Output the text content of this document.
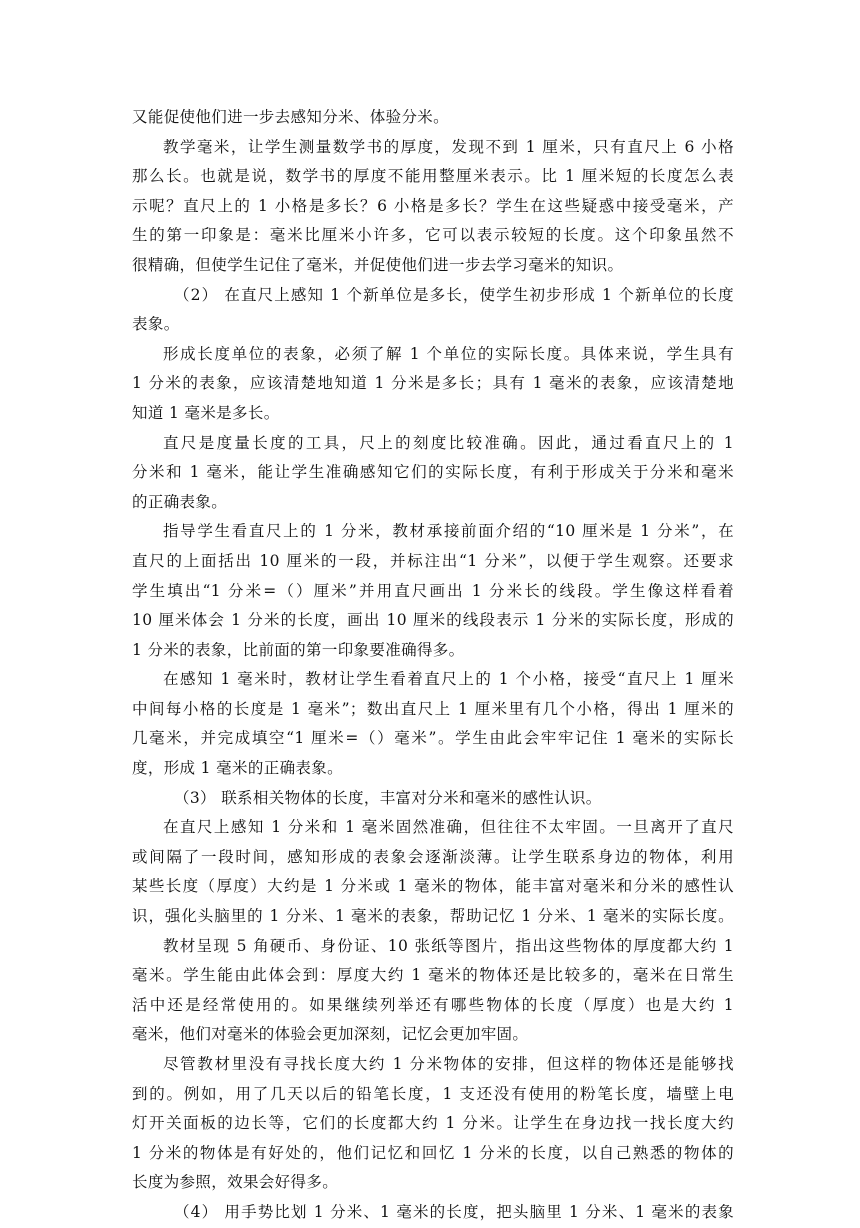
又能促使他们进一步去感知分米、体验分米。
教学毫米，让学生测量数学书的厚度，发现不到 1 厘米，只有直尺上 6 小格
那么长。也就是说，数学书的厚度不能用整厘米表示。比 1 厘米短的长度怎么表
示呢？直尺上的 1 小格是多长？6 小格是多长？学生在这些疑惑中接受毫米，产
生的第一印象是：毫米比厘米小许多，它可以表示较短的长度。这个印象虽然不
很精确，但使学生记住了毫米，并促使他们进一步去学习毫米的知识。
（2） 在直尺上感知 1 个新单位是多长，使学生初步形成 1 个新单位的长度
表象。
形成长度单位的表象，必须了解 1 个单位的实际长度。具体来说，学生具有
1 分米的表象，应该清楚地知道 1 分米是多长；具有 1 毫米的表象，应该清楚地
知道 1 毫米是多长。
直尺是度量长度的工具，尺上的刻度比较准确。因此，通过看直尺上的 1
分米和 1 毫米，能让学生准确感知它们的实际长度，有利于形成关于分米和毫米
的正确表象。
指导学生看直尺上的 1 分米，教材承接前面介绍的“10 厘米是 1 分米”，在
直尺的上面括出 10 厘米的一段，并标注出“1 分米”，以便于学生观察。还要求
学生填出“1 分米=（）厘米”并用直尺画出 1 分米长的线段。学生像这样看着
10 厘米体会 1 分米的长度，画出 10 厘米的线段表示 1 分米的实际长度，形成的
1 分米的表象，比前面的第一印象要准确得多。
在感知 1 毫米时，教材让学生看着直尺上的 1 个小格，接受“直尺上 1 厘米
中间每小格的长度是 1 毫米”；数出直尺上 1 厘米里有几个小格，得出 1 厘米的
几毫米，并完成填空“1 厘米=（）毫米”。学生由此会牢牢记住 1 毫米的实际长
度，形成 1 毫米的正确表象。
（3） 联系相关物体的长度，丰富对分米和毫米的感性认识。
在直尺上感知 1 分米和 1 毫米固然准确，但往往不太牢固。一旦离开了直尺
或间隔了一段时间，感知形成的表象会逐渐淡薄。让学生联系身边的物体，利用
某些长度（厚度）大约是 1 分米或 1 毫米的物体，能丰富对毫米和分米的感性认
识，强化头脑里的 1 分米、1 毫米的表象，帮助记忆 1 分米、1 毫米的实际长度。
教材呈现 5 角硬币、身份证、10 张纸等图片，指出这些物体的厚度都大约 1
毫米。学生能由此体会到：厚度大约 1 毫米的物体还是比较多的，毫米在日常生
活中还是经常使用的。如果继续列举还有哪些物体的长度（厚度）也是大约 1
毫米，他们对毫米的体验会更加深刻，记忆会更加牢固。
尽管教材里没有寻找长度大约 1 分米物体的安排，但这样的物体还是能够找
到的。例如，用了几天以后的铅笔长度，1 支还没有使用的粉笔长度，墙壁上电
灯开关面板的边长等，它们的长度都大约 1 分米。让学生在身边找一找长度大约
1 分米的物体是有好处的，他们记忆和回忆 1 分米的长度，以自己熟悉的物体的
长度为参照，效果会好得多。
（4） 用手势比划 1 分米、1 毫米的长度，把头脑里 1 分米、1 毫米的表象
